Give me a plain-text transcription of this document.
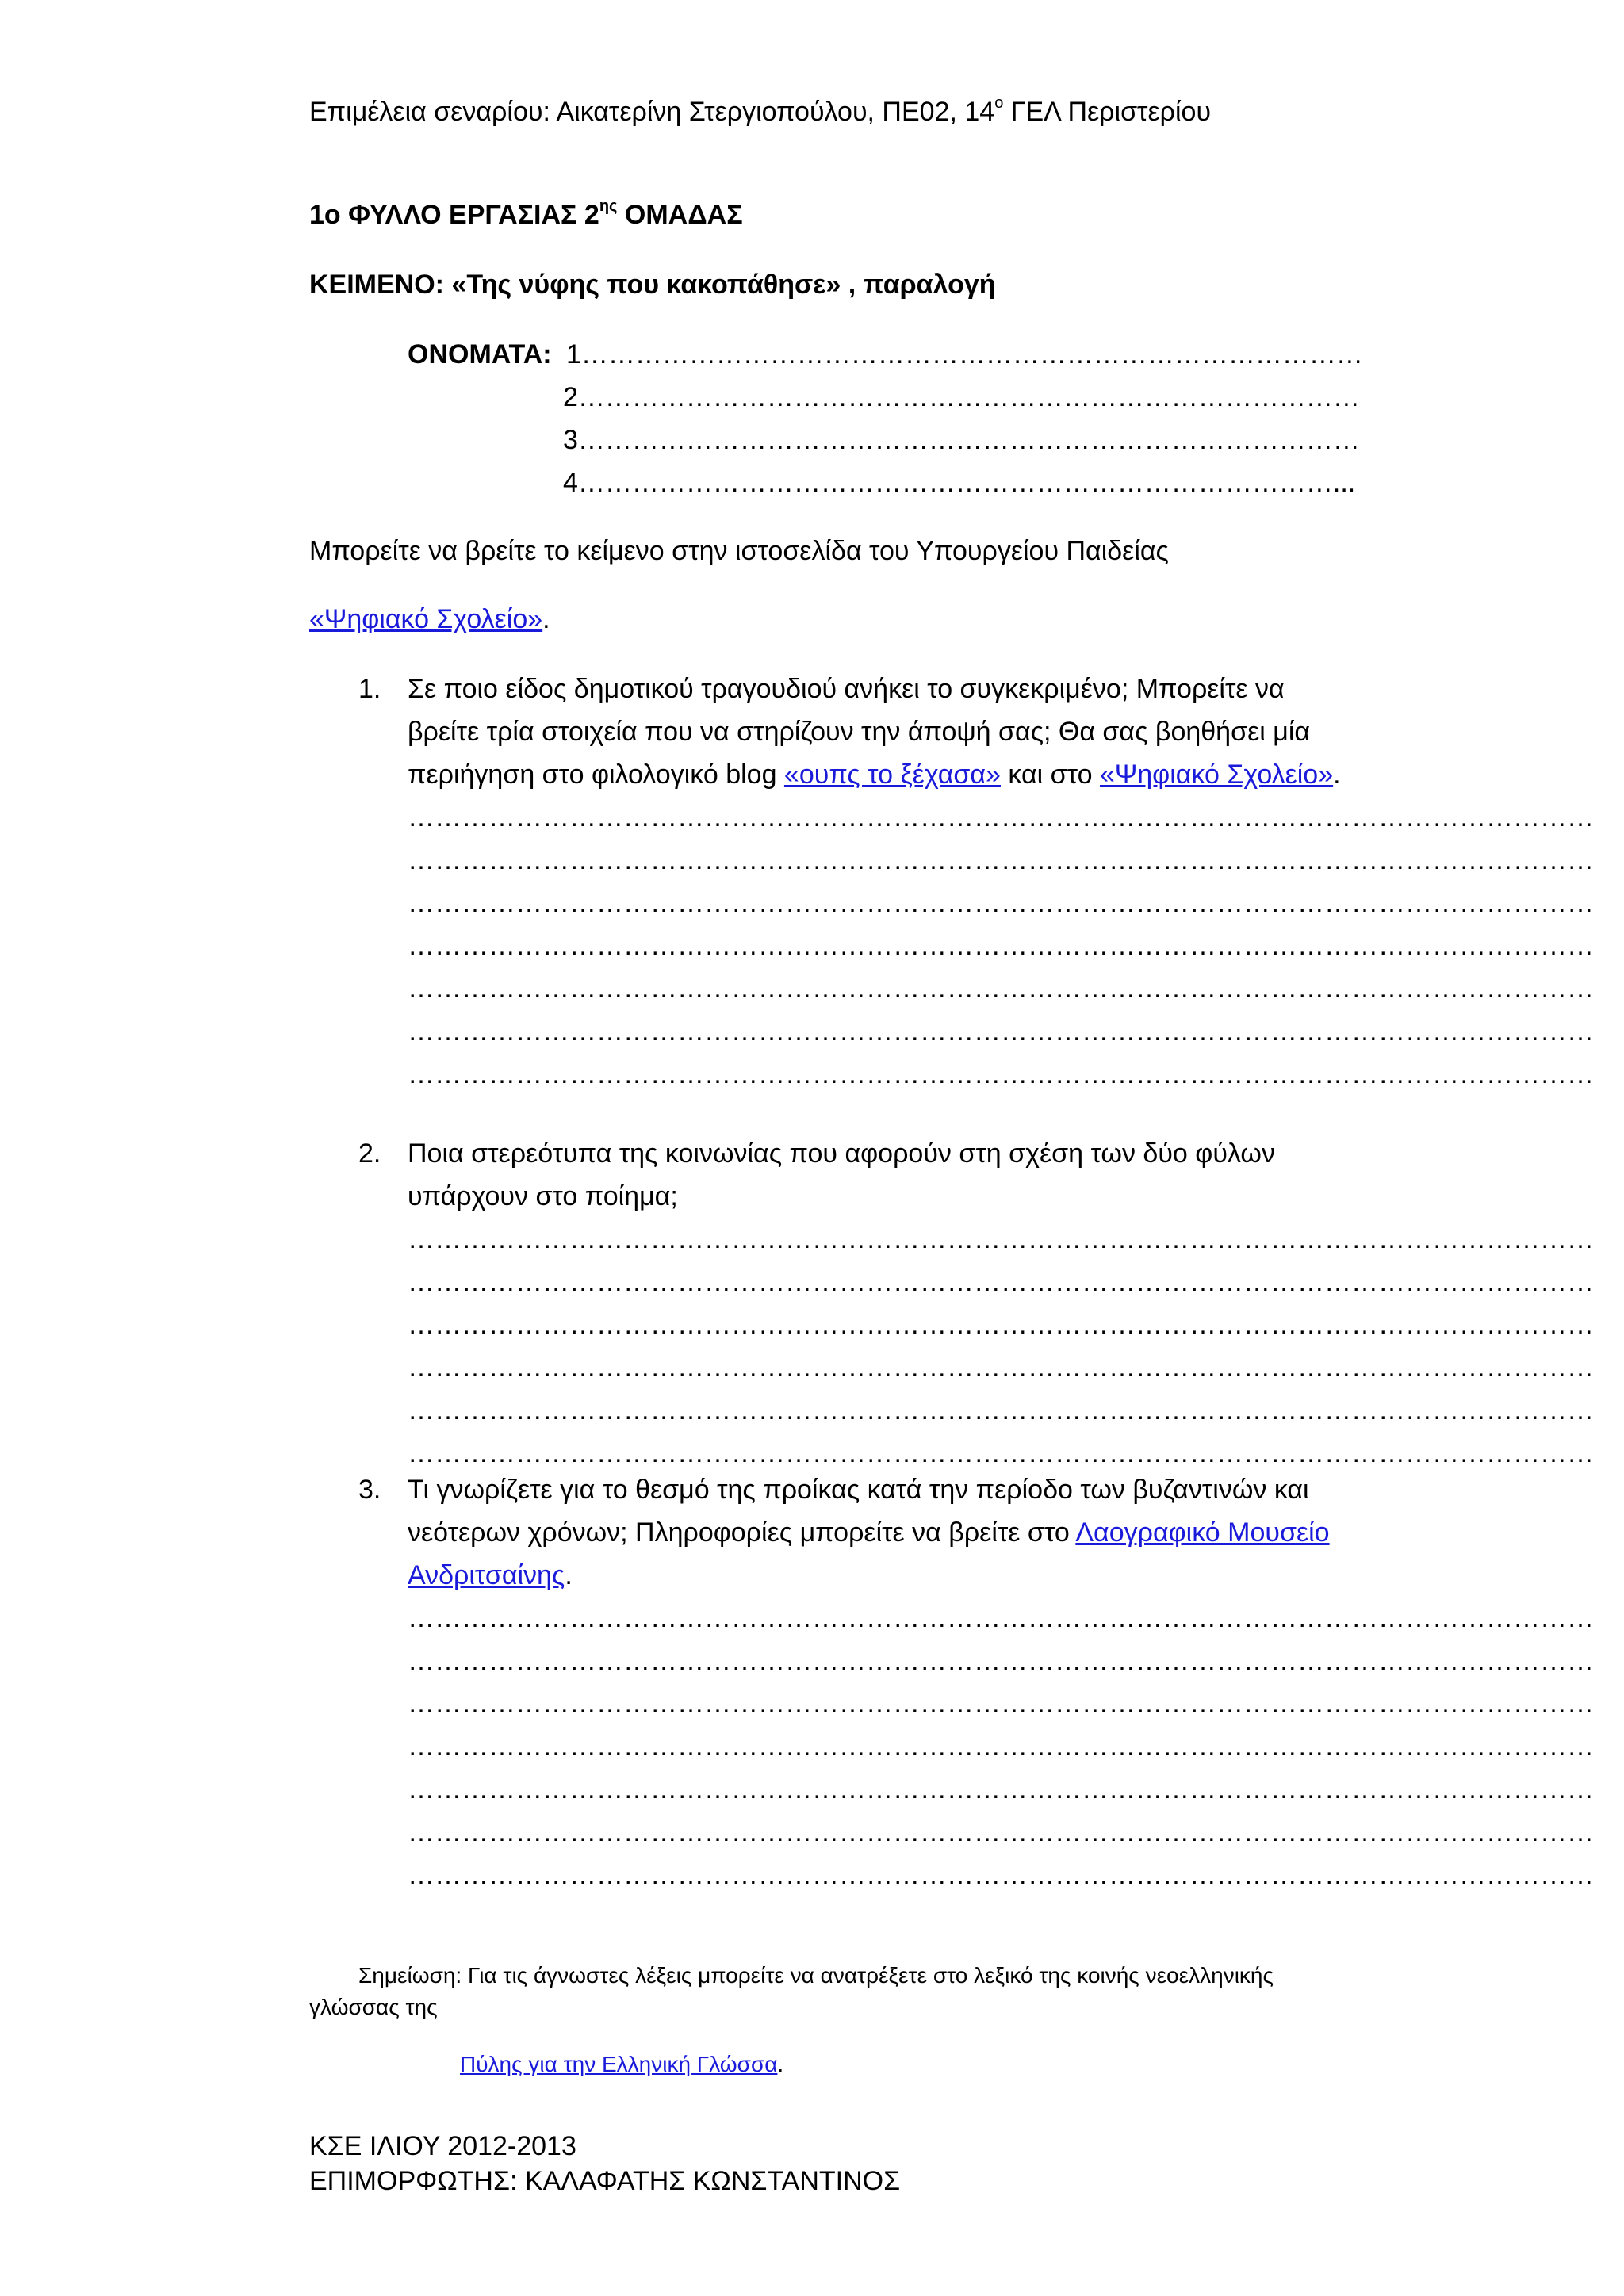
Επιμέλεια σεναρίου: Αικατερίνη Στεργιοπούλου, ΠΕ02, $14^o$ ΓΕΛ Περιστερίου
1ο ΦΥΛΛΟ ΕΡΓΑΣΙΑΣ $2^{\eta\varsigma}$ ΟΜΑΔΑΣ
ΚΕΙΜΕΝΟ: «Της νύφης που κακοπάθησε» , παραλογή
ΟΝΟΜΑΤΑ: 1……………………………………………………………………………
2……………………………………………………………………………
3……………………………………………………………………………
4…………………………………………………………………………...
Μπορείτε να βρείτε το κείμενο στην ιστοσελίδα του Υπουργείου Παιδείας
«Ψηφιακό Σχολείο».
1. Σε ποιο είδος δημοτικού τραγουδιού ανήκει το συγκεκριμένο; Μπορείτε να
βρείτε τρία στοιχεία που να στηρίζουν την άποψή σας; Θα σας βοηθήσει μία
περιήγηση στο φιλολογικό blog «ουπς το ξέχασα» και στο «Ψηφιακό Σχολείο».
……………………………………………………………………………………………………………………
……………………………………………………………………………………………………………………
……………………………………………………………………………………………………………………
……………………………………………………………………………………………………………………
……………………………………………………………………………………………………………………
……………………………………………………………………………………………………………………
……………………………………………………………………………………………………………………
2. Ποια στερεότυπα της κοινωνίας που αφορούν στη σχέση των δύο φύλων
υπάρχουν στο ποίημα;
……………………………………………………………………………………………………………………
……………………………………………………………………………………………………………………
……………………………………………………………………………………………………………………
……………………………………………………………………………………………………………………
……………………………………………………………………………………………………………………
……………………………………………………………………………………………………………………
3. Τι γνωρίζετε για το θεσμό της προίκας κατά την περίοδο των βυζαντινών και
νεότερων χρόνων; Πληροφορίες μπορείτε να βρείτε στο Λαογραφικό Μουσείο
Ανδριτσαίνης.
……………………………………………………………………………………………………………………
……………………………………………………………………………………………………………………
……………………………………………………………………………………………………………………
……………………………………………………………………………………………………………………
……………………………………………………………………………………………………………………
……………………………………………………………………………………………………………………
……………………………………………………………………………………………………………………
Σημείωση: Για τις άγνωστες λέξεις μπορείτε να ανατρέξετε στο λεξικό της κοινής νεοελληνικής
γλώσσας της
Πύλης για την Ελληνική Γλώσσα.
ΚΣΕ ΙΛΙΟΥ 2012-2013
ΕΠΙΜΟΡΦΩΤΗΣ: ΚΑΛΑΦΑΤΗΣ ΚΩΝΣΤΑΝΤΙΝΟΣ
